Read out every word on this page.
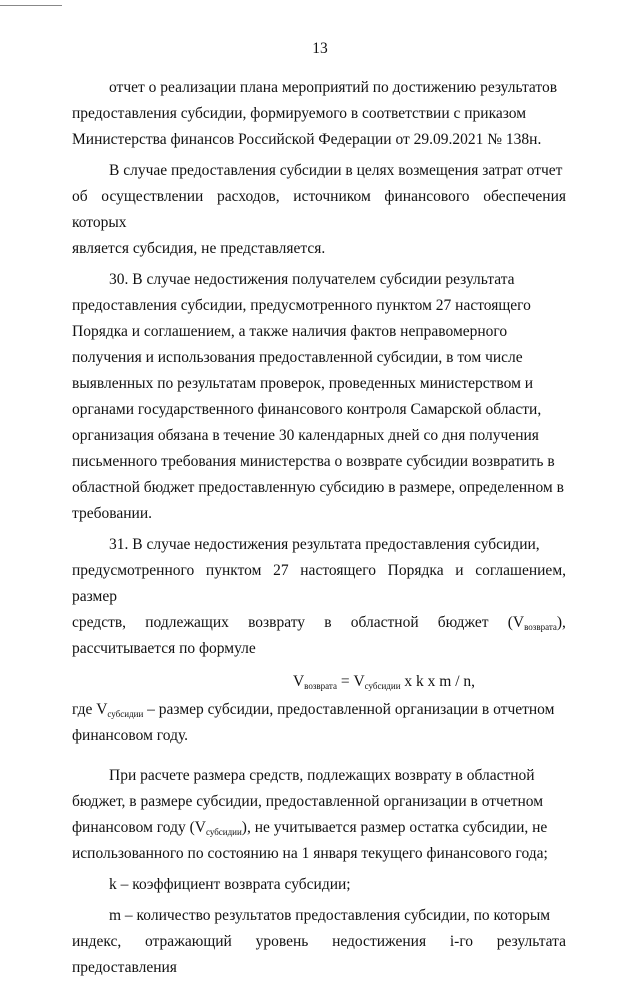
13

отчет о реализации плана мероприятий по достижению результатов

предоставления субсидии, формируемого в соответствии с приказом

Министерства финансов Российской Федерации от 29.09.2021 № 138н.

В случае предоставления субсидии в целях возмещения затрат отчет

об осуществлении расходов, источником финансового обеспечения которых

является субсидия, не представляется.

30. В случае недостижения получателем субсидии результата

предоставления субсидии, предусмотренного пунктом 27 настоящего

Порядка и соглашением, а также наличия фактов неправомерного

получения и использования предоставленной субсидии, в том числе

выявленных по результатам проверок, проведенных министерством и

органами государственного финансового контроля Самарской области,

организация обязана в течение 30 календарных дней со дня получения

письменного требования министерства о возврате субсидии возвратить в

областной бюджет предоставленную субсидию в размере, определенном в

требовании.

31. В случае недостижения результата предоставления субсидии,

предусмотренного пунктом 27 настоящего Порядка и соглашением, размер

средств, подлежащих возврату в областной бюджет $(V_{возврата})$,

рассчитывается по формуле

$V_{возврата} = V_{субсидии}$ x k x m / n,

где $V_{субсидии}$ – размер субсидии, предоставленной организации в отчетном

финансовом году.

При расчете размера средств, подлежащих возврату в областной

бюджет, в размере субсидии, предоставленной организации в отчетном

финансовом году $(V_{субсидии})$, не учитывается размер остатка субсидии, не

использованного по состоянию на 1 января текущего финансового года;

k – коэффициент возврата субсидии;

m – количество результатов предоставления субсидии, по которым

индекс, отражающий уровень недостижения i-го результата предоставления
